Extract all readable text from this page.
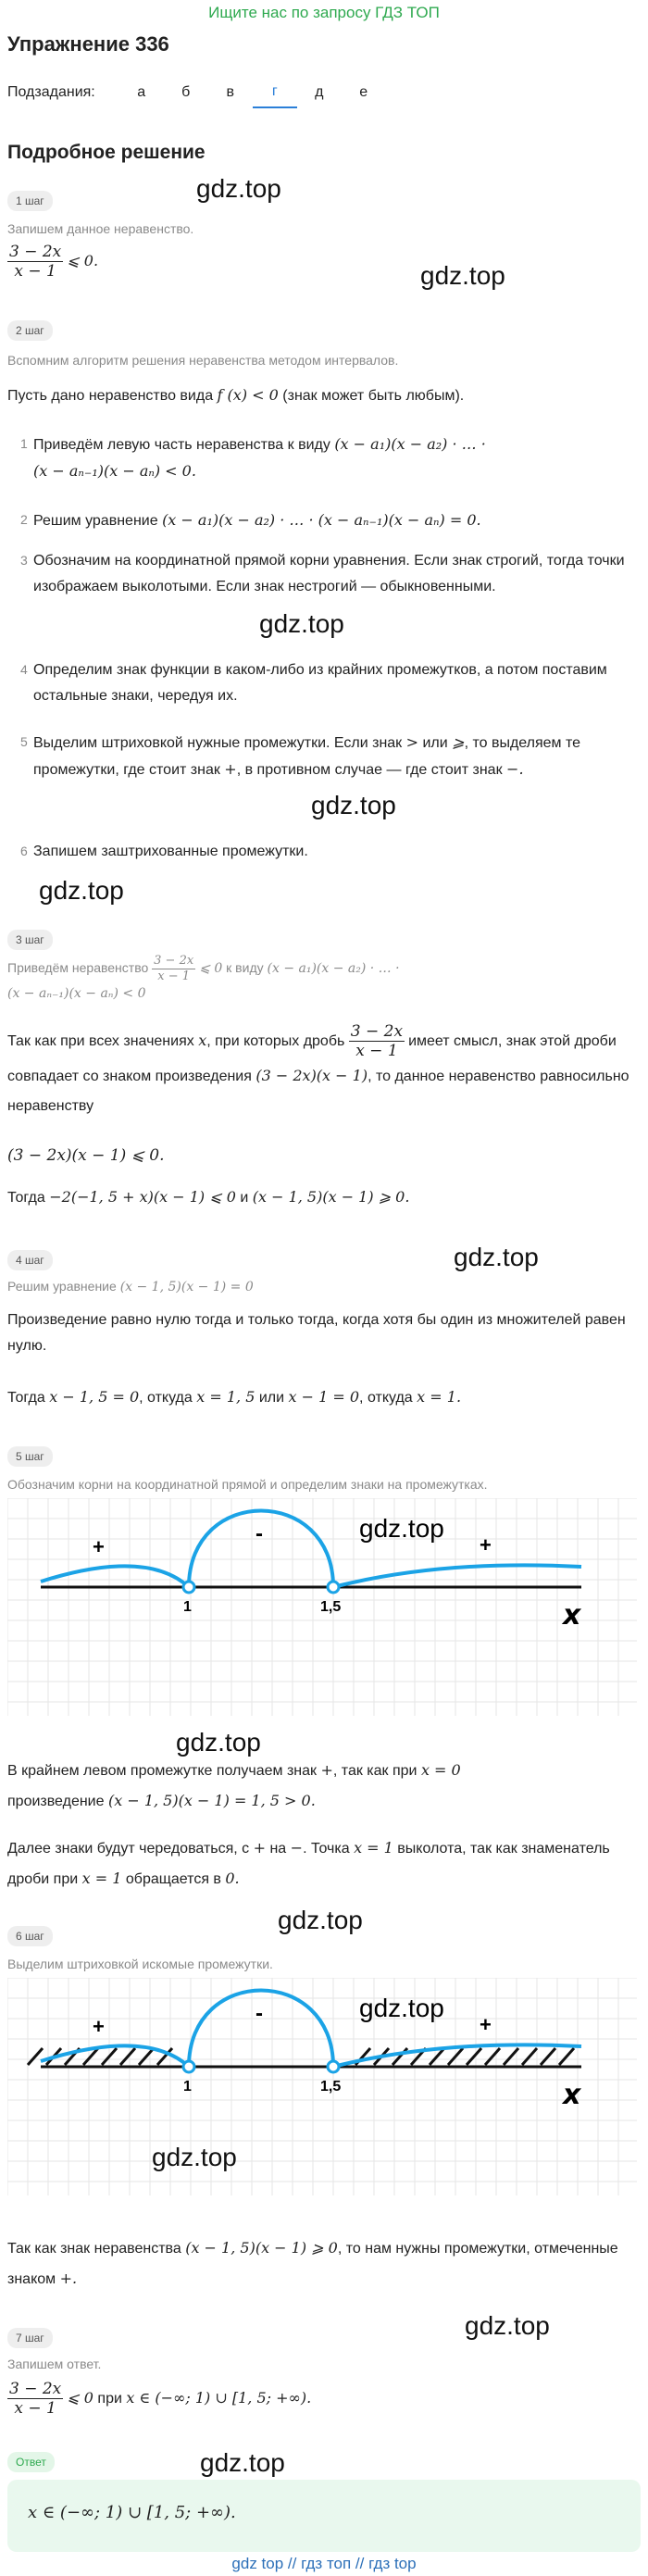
Ищите нас по запросу ГДЗ ТОП
Упражнение 336
Подзадания:	а	б	в	г	д	е
Подробное решение
1 шаг
Запишем данное неравенство.
$\frac{3 - 2x}{x - 1}$ ⩽ 0.
gdz.top
gdz.top
2 шаг
Вспомним алгоритм решения неравенства методом интервалов.
Пусть дано неравенство вида f (x) < 0 (знак может быть любым).
1 Приведём левую часть неравенства к виду (x − a₁)(x − a₂) · … ·
(x − aₙ₋₁)(x − aₙ) < 0.
2 Решим уравнение (x − a₁)(x − a₂) · … · (x − aₙ₋₁)(x − aₙ) = 0.
3 Обозначим на координатной прямой корни уравнения. Если знак строгий, тогда точки изображаем выколотыми. Если знак нестрогий — обыкновенными.
gdz.top
4 Определим знак функции в каком-либо из крайних промежутков, а потом поставим остальные знаки, чередуя их.
5 Выделим штриховкой нужные промежутки. Если знак > или ⩾, то выделяем те промежутки, где стоит знак +, в противном случае — где стоит знак −.
gdz.top
6 Запишем заштрихованные промежутки.
gdz.top
3 шаг
Приведём неравенство $\frac{3 - 2x}{x - 1}$ ⩽ 0 к виду (x − a₁)(x − a₂) · … ·
(x − aₙ₋₁)(x − aₙ) < 0
Так как при всех значениях x, при которых дробь $\frac{3 - 2x}{x - 1}$ имеет смысл, знак этой дроби совпадает со знаком произведения (3 − 2x)(x − 1), то данное неравенство равносильно неравенству
(3 − 2x)(x − 1) ⩽ 0.
Тогда −2(−1, 5 + x)(x − 1) ⩽ 0 и (x − 1, 5)(x − 1) ⩾ 0.
gdz.top
4 шаг
Решим уравнение (x − 1, 5)(x − 1) = 0
Произведение равно нулю тогда и только тогда, когда хотя бы один из множителей равен нулю.
Тогда x − 1, 5 = 0, откуда x = 1, 5 или x − 1 = 0, откуда x = 1.
5 шаг
Обозначим корни на координатной прямой и определим знаки на промежутках.
1	1,5
+
-	+
x
gdz.top
gdz.top
В крайнем левом промежутке получаем знак +, так как при x = 0
произведение (x − 1, 5)(x − 1) = 1, 5 > 0.
Далее знаки будут чередоваться, с + на −. Точка x = 1 выколота, так как знаменатель дроби при x = 1 обращается в 0.
gdz.top
6 шаг
Выделим штриховкой искомые промежутки.
1	1,5
+
-	+
x
gdz.top
gdz.top
Так как знак неравенства (x − 1, 5)(x − 1) ⩾ 0, то нам нужны промежутки, отмеченные знаком +.
gdz.top
7 шаг
Запишем ответ.
$\frac{3 - 2x}{x - 1}$ ⩽ 0 при x ∈ (−∞; 1) ∪ [1, 5; +∞).
gdz.top
Ответ
x ∈ (−∞; 1) ∪ [1, 5; +∞).
gdz top // гдз топ // гдз top
